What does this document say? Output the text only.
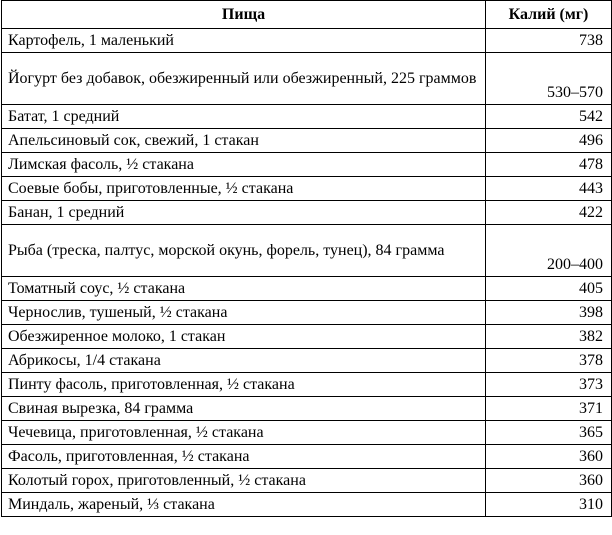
Пища	Калий (мг)
Картофель, 1 маленький	738
Йогурт без добавок, обезжиренный или обезжиренный, 225 граммов	530–570
Батат, 1 средний	542
Апельсиновый сок, свежий, 1 стакан	496
Лимская фасоль, ½ стакана	478
Соевые бобы, приготовленные, ½ стакана	443
Банан, 1 средний	422
Рыба (треска, палтус, морской окунь, форель, тунец), 84 грамма	200–400
Томатный соус, ½ стакана	405
Чернослив, тушеный, ½ стакана	398
Обезжиренное молоко, 1 стакан	382
Абрикосы, 1/4 стакана	378
Пинту фасоль, приготовленная, ½ стакана	373
Свиная вырезка, 84 грамма	371
Чечевица, приготовленная, ½ стакана	365
Фасоль, приготовленная, ½ стакана	360
Колотый горох, приготовленный, ½ стакана	360
Миндаль, жареный, ⅓ стакана	310
